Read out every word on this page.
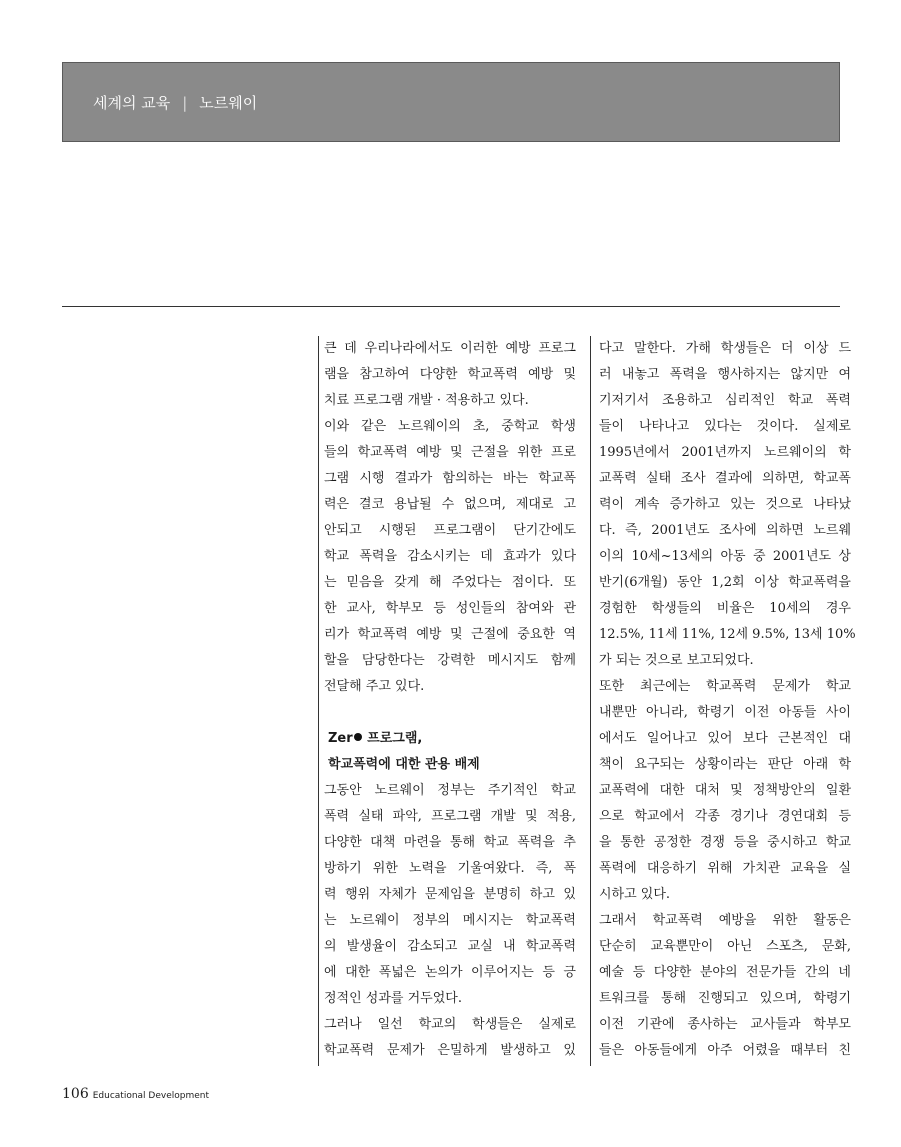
세계의 교육 | 노르웨이
큰 데 우리나라에서도 이러한 예방 프로그
램을 참고하여 다양한 학교폭력 예방 및
치료 프로그램 개발 · 적용하고 있다.
이와 같은 노르웨이의 초, 중학교 학생
들의 학교폭력 예방 및 근절을 위한 프로
그램 시행 결과가 함의하는 바는 학교폭
력은 결코 용납될 수 없으며, 제대로 고
안되고 시행된 프로그램이 단기간에도
학교 폭력을 감소시키는 데 효과가 있다
는 믿음을 갖게 해 주었다는 점이다. 또
한 교사, 학부모 등 성인들의 참여와 관
리가 학교폭력 예방 및 근절에 중요한 역
할을 담당한다는 강력한 메시지도 함께
전달해 주고 있다.
Zer 프로그램,
학교폭력에 대한 관용 배제
그동안 노르웨이 정부는 주기적인 학교
폭력 실태 파악, 프로그램 개발 및 적용,
다양한 대책 마련을 통해 학교 폭력을 추
방하기 위한 노력을 기울여왔다. 즉, 폭
력 행위 자체가 문제임을 분명히 하고 있
는 노르웨이 정부의 메시지는 학교폭력
의 발생율이 감소되고 교실 내 학교폭력
에 대한 폭넓은 논의가 이루어지는 등 긍
정적인 성과를 거두었다.
그러나 일선 학교의 학생들은 실제로
학교폭력 문제가 은밀하게 발생하고 있
다고 말한다. 가해 학생들은 더 이상 드
러 내놓고 폭력을 행사하지는 않지만 여
기저기서 조용하고 심리적인 학교 폭력
들이 나타나고 있다는 것이다. 실제로
1995년에서 2001년까지 노르웨이의 학
교폭력 실태 조사 결과에 의하면, 학교폭
력이 계속 증가하고 있는 것으로 나타났
다. 즉, 2001년도 조사에 의하면 노르웨
이의 10세~13세의 아동 중 2001년도 상
반기(6개월) 동안 1,2회 이상 학교폭력을
경험한 학생들의 비율은 10세의 경우
12.5%, 11세 11%, 12세 9.5%, 13세 10%
가 되는 것으로 보고되었다.
또한 최근에는 학교폭력 문제가 학교
내뿐만 아니라, 학령기 이전 아동들 사이
에서도 일어나고 있어 보다 근본적인 대
책이 요구되는 상황이라는 판단 아래 학
교폭력에 대한 대처 및 정책방안의 일환
으로 학교에서 각종 경기나 경연대회 등
을 통한 공정한 경쟁 등을 중시하고 학교
폭력에 대응하기 위해 가치관 교육을 실
시하고 있다.
그래서 학교폭력 예방을 위한 활동은
단순히 교육뿐만이 아닌 스포츠, 문화,
예술 등 다양한 분야의 전문가들 간의 네
트워크를 통해 진행되고 있으며, 학령기
이전 기관에 종사하는 교사들과 학부모
들은 아동들에게 아주 어렸을 때부터 친
106 Educational Development
